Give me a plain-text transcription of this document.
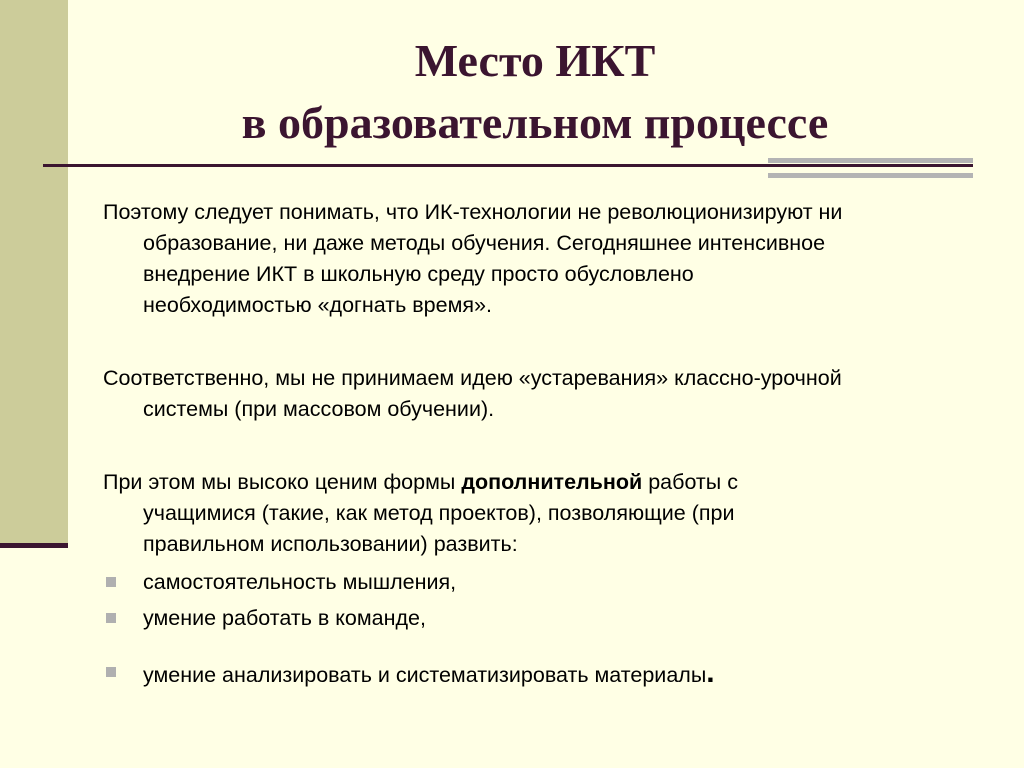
Место ИКТ
в образовательном процессе
Поэтому следует понимать, что ИК-технологии не революционизируют ни
образование, ни даже методы обучения. Сегодняшнее интенсивное
внедрение ИКТ в школьную среду просто обусловлено
необходимостью «догнать время».
Соответственно, мы не принимаем идею «устаревания» классно-урочной
системы (при массовом обучении).
При этом мы высоко ценим формы дополнительной работы с
учащимися (такие, как метод проектов), позволяющие (при
правильном использовании) развить:
самостоятельность мышления,
умение работать в команде,
умение анализировать и систематизировать материалы.
